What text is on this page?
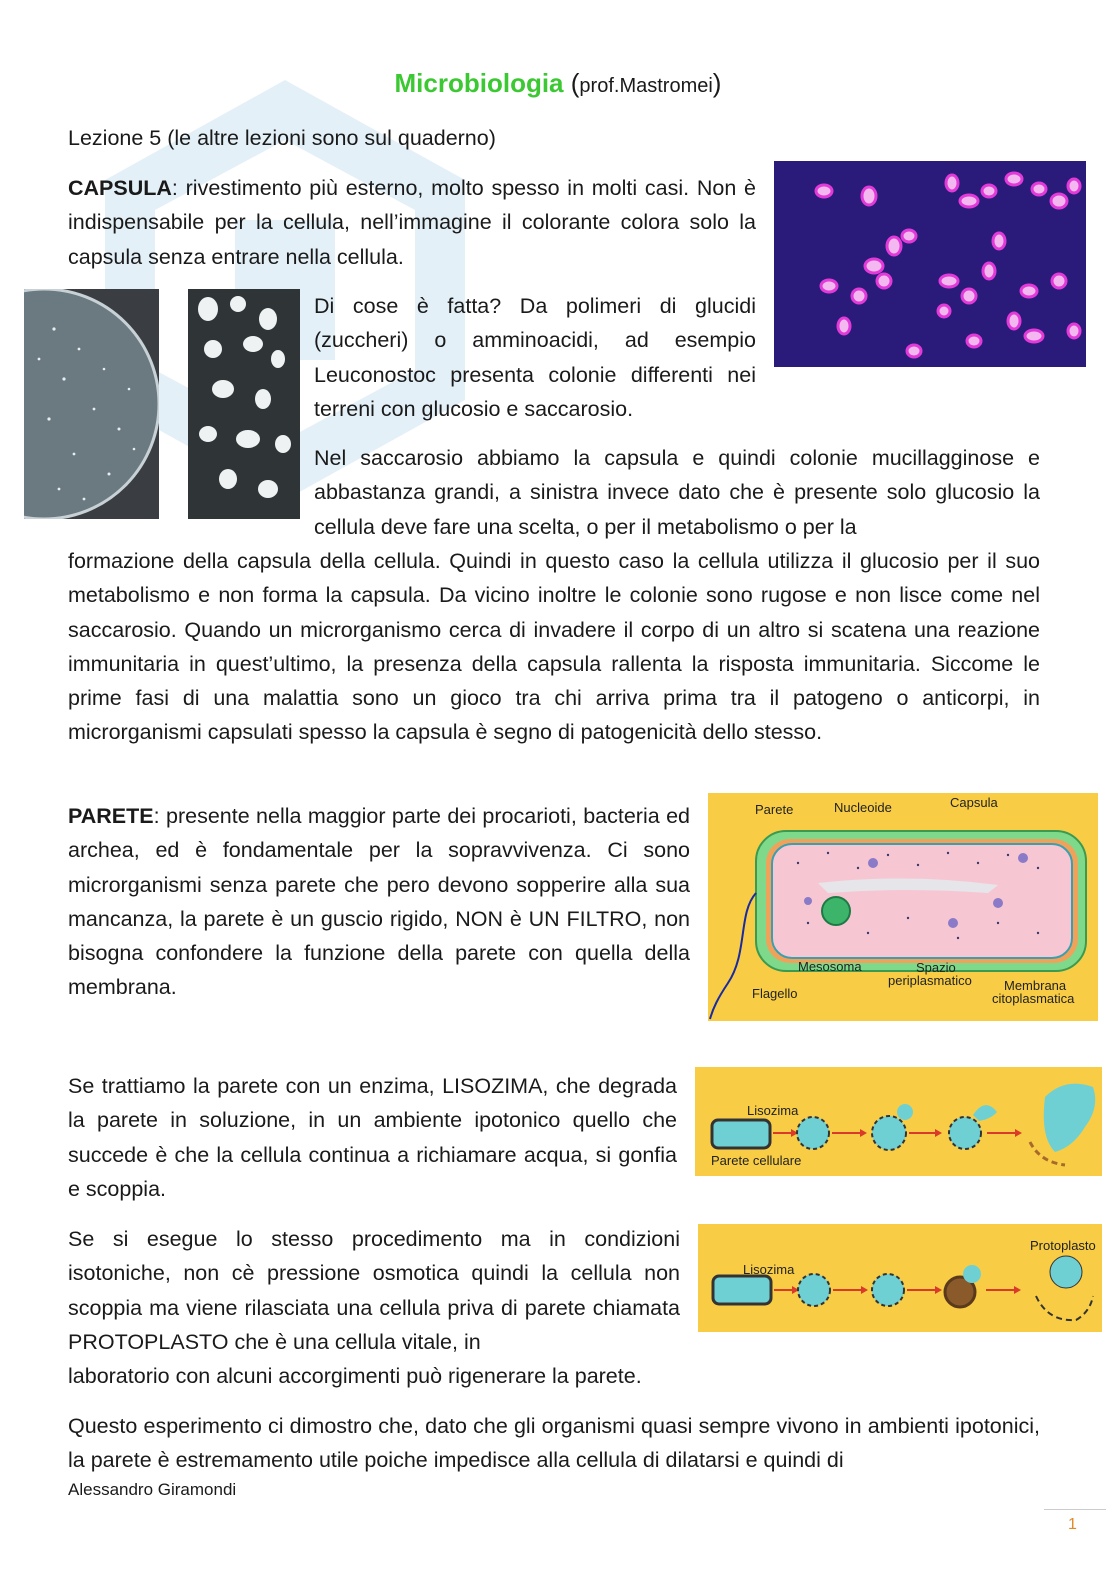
Microbiologia (prof.Mastromei)
Lezione 5 (le altre lezioni sono sul quaderno)
CAPSULA: rivestimento più esterno, molto spesso in molti casi. Non è indispensabile per la cellula, nell’immagine il colorante colora solo la capsula senza entrare nella cellula.
Di cose è fatta? Da polimeri di glucidi (zuccheri) o amminoacidi, ad esempio Leuconostoc presenta colonie differenti nei terreni con glucosio e saccarosio.
Nel saccarosio abbiamo la capsula e quindi colonie mucillagginose e abbastanza grandi, a sinistra invece dato che è presente solo glucosio la cellula deve fare una scelta, o per il metabolismo o per la
formazione della capsula della cellula. Quindi in questo caso la cellula utilizza il glucosio per il suo metabolismo e non forma la capsula. Da vicino inoltre le colonie sono rugose e non lisce come nel saccarosio. Quando un microrganismo cerca di invadere il corpo di un altro si scatena una reazione immunitaria in quest’ultimo, la presenza della capsula rallenta la risposta immunitaria. Siccome le prime fasi di una malattia sono un gioco tra chi arriva prima tra il patogeno o anticorpi, in microrganismi capsulati spesso la capsula è segno di patogenicità dello stesso.
PARETE: presente nella maggior parte dei procarioti, bacteria ed archea, ed è fondamentale per la sopravvivenza. Ci sono microrganismi senza parete che pero devono sopperire alla sua mancanza, la parete è un guscio rigido, NON è UN FILTRO, non bisogna confondere la funzione della parete con quella della membrana.
Parete	Nucleoide	Capsula
Mesosoma	Spazio
periplasmatico Membrana
citoplasmatica
Flagello
Se trattiamo la parete con un enzima, LISOZIMA, che degrada la parete in soluzione, in un ambiente ipotonico quello che succede è che la cellula continua a richiamare acqua, si gonfia e scoppia.
Lisozima
Parete cellulare
Se si esegue lo stesso procedimento ma in condizioni isotoniche, non cè pressione osmotica quindi la cellula non scoppia ma viene rilasciata una cellula priva di parete chiamata PROTOPLASTO che è una cellula vitale, in
laboratorio con alcuni accorgimenti può rigenerare la parete.
Lisozima
Protoplasto
Questo esperimento ci dimostro che, dato che gli organismi quasi sempre vivono in ambienti ipotonici, la parete è estremamento utile poiche impedisce alla cellula di dilatarsi e quindi di
Alessandro Giramondi
1
